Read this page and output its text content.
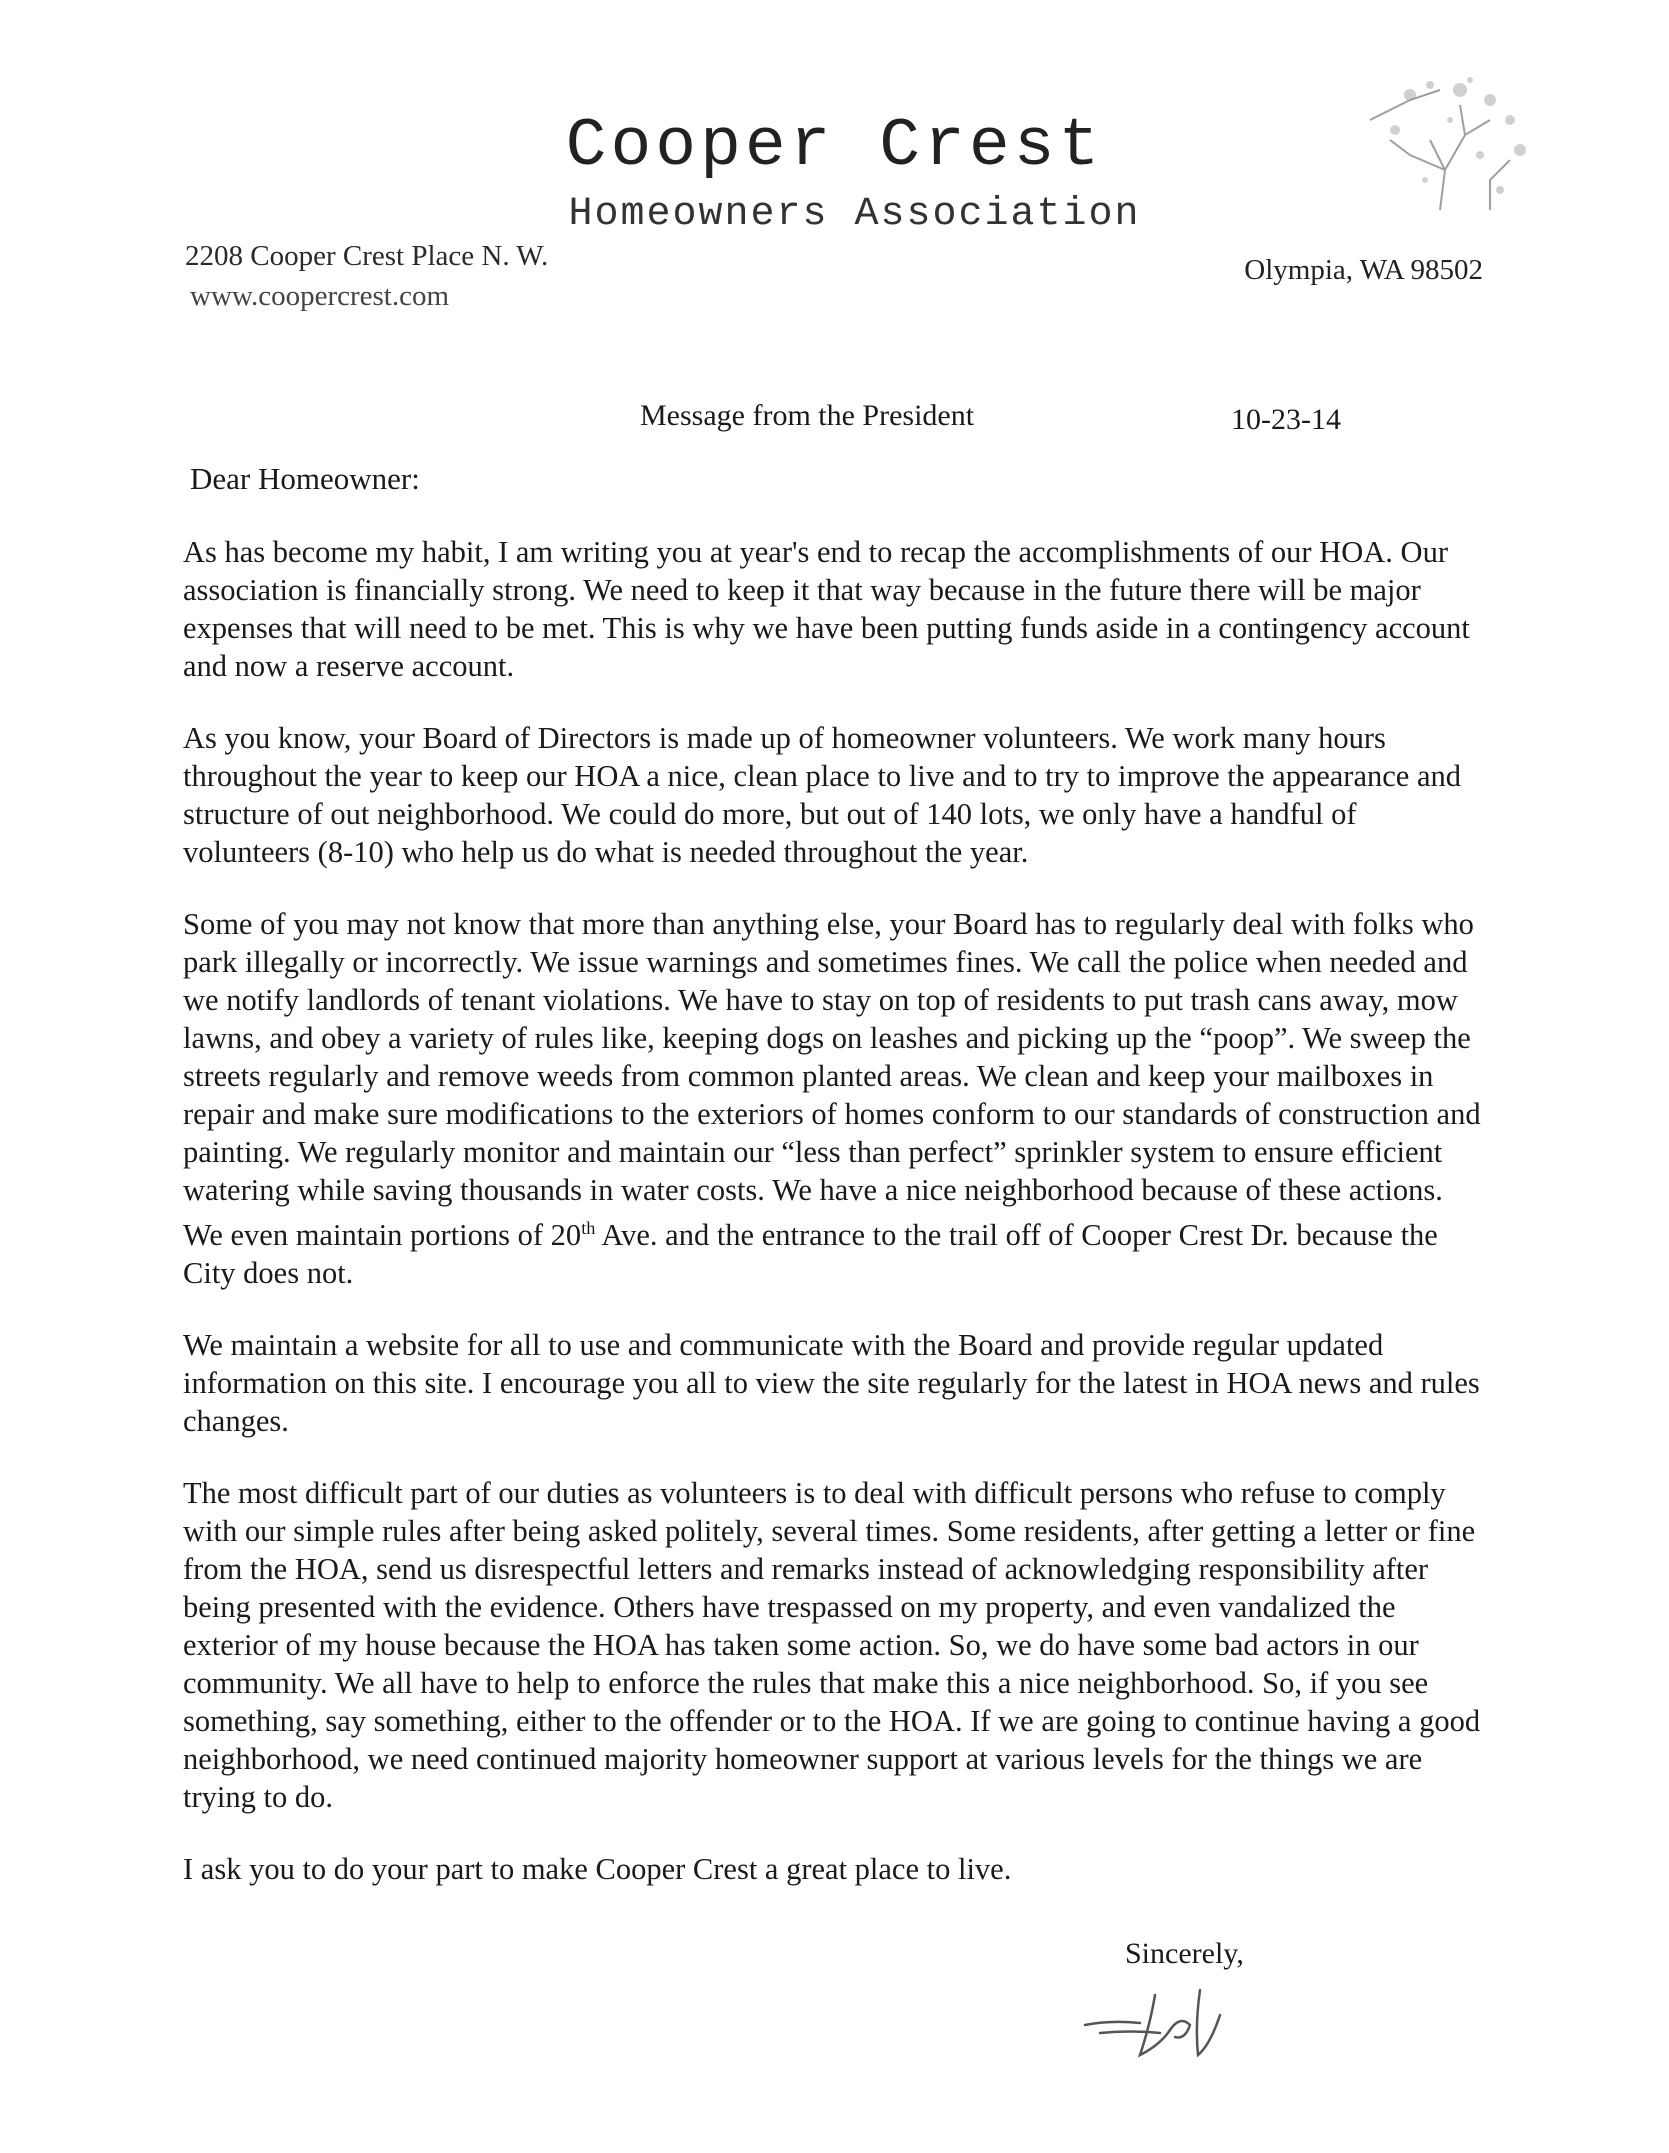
Cooper Crest
Homeowners Association
2208 Cooper Crest Place N. W.
www.coopercrest.com
Olympia, WA 98502
Message from the President	10-23-14
Dear Homeowner:

As has become my habit, I am writing you at year's end to recap the accomplishments of our HOA. Our association is financially strong. We need to keep it that way because in the future there will be major expenses that will need to be met. This is why we have been putting funds aside in a contingency account and now a reserve account.

As you know, your Board of Directors is made up of homeowner volunteers. We work many hours throughout the year to keep our HOA a nice, clean place to live and to try to improve the appearance and structure of out neighborhood. We could do more, but out of 140 lots, we only have a handful of volunteers (8-10) who help us do what is needed throughout the year.

Some of you may not know that more than anything else, your Board has to regularly deal with folks who park illegally or incorrectly. We issue warnings and sometimes fines. We call the police when needed and we notify landlords of tenant violations. We have to stay on top of residents to put trash cans away, mow lawns, and obey a variety of rules like, keeping dogs on leashes and picking up the “poop”. We sweep the streets regularly and remove weeds from common planted areas. We clean and keep your mailboxes in repair and make sure modifications to the exteriors of homes conform to our standards of construction and painting. We regularly monitor and maintain our “less than perfect” sprinkler system to ensure efficient watering while saving thousands in water costs. We have a nice neighborhood because of these actions. We even maintain portions of 20th Ave. and the entrance to the trail off of Cooper Crest Dr. because the City does not.

We maintain a website for all to use and communicate with the Board and provide regular updated information on this site. I encourage you all to view the site regularly for the latest in HOA news and rules changes.

The most difficult part of our duties as volunteers is to deal with difficult persons who refuse to comply with our simple rules after being asked politely, several times. Some residents, after getting a letter or fine from the HOA, send us disrespectful letters and remarks instead of acknowledging responsibility after being presented with the evidence. Others have trespassed on my property, and even vandalized the exterior of my house because the HOA has taken some action. So, we do have some bad actors in our community. We all have to help to enforce the rules that make this a nice neighborhood. So, if you see something, say something, either to the offender or to the HOA. If we are going to continue having a good neighborhood, we need continued majority homeowner support at various levels for the things we are trying to do.

I ask you to do your part to make Cooper Crest a great place to live.

Sincerely,
